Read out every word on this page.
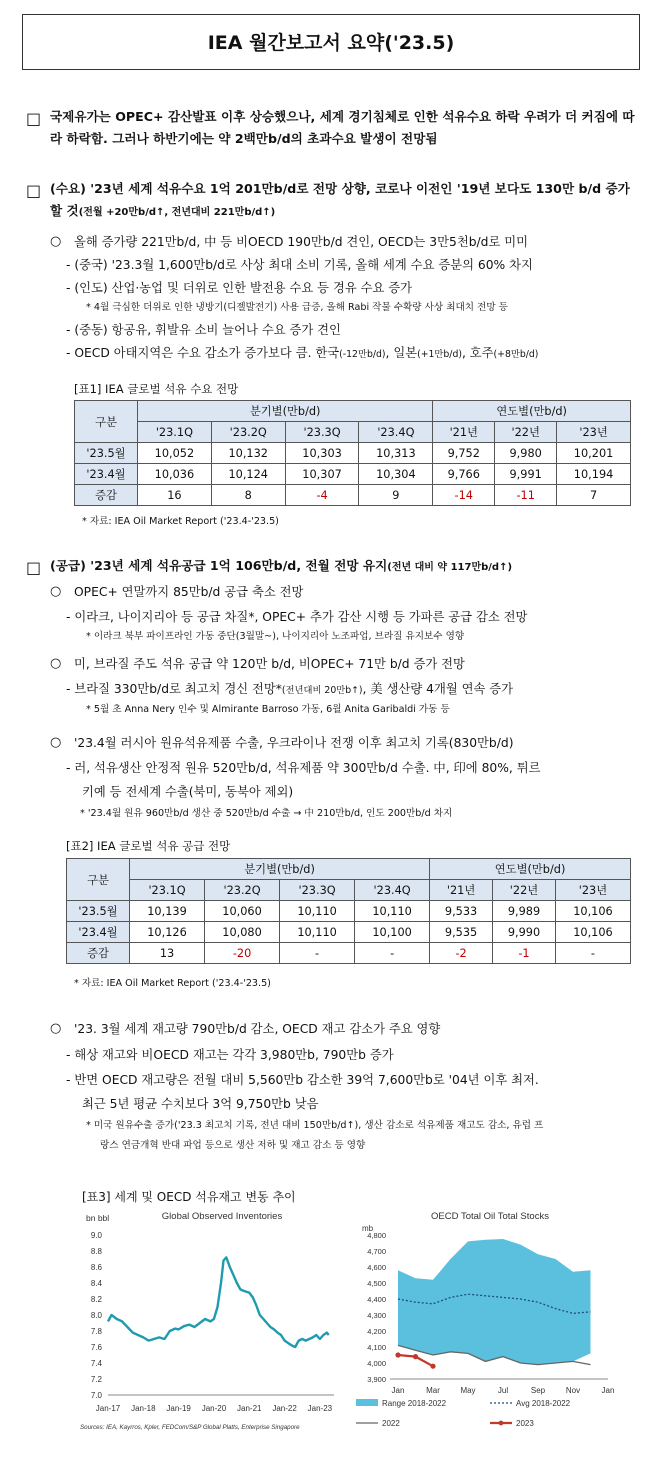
IEA 월간보고서 요약('23.5)
□ 국제유가는 OPEC+ 감산발표 이후 상승했으나, 세계 경기침체로 인한 석유수요 하락 우려가 더 커짐에 따라 하락함. 그러나 하반기에는 약 2백만b/d의 초과수요 발생이 전망됨
□ (수요) '23년 세계 석유수요 1억 201만b/d로 전망 상향, 코로나 이전인 '19년 보다도 130만 b/d 증가할 것(전월 +20만b/d↑, 전년대비 221만b/d↑)
○ 올해 증가량 221만b/d, 中 등 비OECD 190만b/d 견인, OECD는 3만5천b/d로 미미
- (중국) '23.3월 1,600만b/d로 사상 최대 소비 기록, 올해 세계 수요 증분의 60% 차지
- (인도) 산업·농업 및 더위로 인한 발전용 수요 등 경유 수요 증가
* 4월 극심한 더위로 인한 냉방기(디젤발전기) 사용 급증, 올해 Rabi 작물 수확량 사상 최대치 전망 등
- (중동) 항공유, 휘발유 소비 늘어나 수요 증가 견인
- OECD 아태지역은 수요 감소가 증가보다 큼. 한국(-12만b/d), 일본(+1만b/d), 호주(+8만b/d)
[표1] IEA 글로벌 석유 수요 전망
구분	분기별(만b/d)				연도별(만b/d)		
	'23.1Q	'23.2Q	'23.3Q	'23.4Q	'21년	'22년	'23년
'23.5월	10,052	10,132	10,303	10,313	9,752	9,980	10,201
'23.4월	10,036	10,124	10,307	10,304	9,766	9,991	10,194
증감	16	8	-4	9	-14	-11	7
* 자료: IEA Oil Market Report ('23.4-'23.5)
□ (공급) '23년 세계 석유공급 1억 106만b/d, 전월 전망 유지(전년 대비 약 117만b/d↑)
○ OPEC+ 연말까지 85만b/d 공급 축소 전망
- 이라크, 나이지리아 등 공급 차질*, OPEC+ 추가 감산 시행 등 가파른 공급 감소 전망
* 이라크 북부 파이프라인 가동 중단(3월말~), 나이지리아 노조파업, 브라질 유지보수 영향
○ 미, 브라질 주도 석유 공급 약 120만 b/d, 비OPEC+ 71만 b/d 증가 전망
- 브라질 330만b/d로 최고치 경신 전망*(전년대비 20만b↑), 美 생산량 4개월 연속 증가
* 5월 초 Anna Nery 인수 및 Almirante Barroso 가동, 6월 Anita Garibaldi 가동 등
○ '23.4월 러시아 원유석유제품 수출, 우크라이나 전쟁 이후 최고치 기록(830만b/d)
- 러, 석유생산 안정적 원유 520만b/d, 석유제품 약 300만b/d 수출. 中, 印에 80%, 튀르
키예 등 전세계 수출(북미, 동북아 제외)
* '23.4월 원유 960만b/d 생산 중 520만b/d 수출 → 中 210만b/d, 인도 200만b/d 차지
[표2] IEA 글로벌 석유 공급 전망
구분	분기별(만b/d)				연도별(만b/d)		
	'23.1Q	'23.2Q	'23.3Q	'23.4Q	'21년	'22년	'23년
'23.5월	10,139	10,060	10,110	10,110	9,533	9,989	10,106
'23.4월	10,126	10,080	10,110	10,100	9,535	9,990	10,106
증감	13	-20	-	-	-2	-1	-
* 자료: IEA Oil Market Report ('23.4-'23.5)
○ '23. 3월 세계 재고량 790만b/d 감소, OECD 재고 감소가 주요 영향
- 해상 재고와 비OECD 재고는 각각 3,980만b, 790만b 증가
- 반면 OECD 재고량은 전월 대비 5,560만b 감소한 39억 7,600만b로 '04년 이후 최저.
최근 5년 평균 수치보다 3억 9,750만b 낮음
* 미국 원유수출 증가('23.3 최고치 기록, 전년 대비 150만b/d↑), 생산 감소로 석유제품 재고도 감소, 유럽 프
랑스 연금개혁 반대 파업 등으로 생산 저하 및 재고 감소 등 영향
[표3] 세계 및 OECD 석유재고 변동 추이
bn bbl	Global Observed Inventories
9.0
8.8
8.6
8.4
8.2
8.0
7.8
7.6
7.4
7.2
7.0
Jan-17 Jan-18 Jan-19 Jan-20 Jan-21 Jan-22 Jan-23
Sources: IEA, Kayrros, Kpler, FEDCom/S&P Global Platts, Enterprise Singapore
OECD Total Oil Total Stocks
mb
4,800
4,700
4,600
4,500
4,400
4,300
4,200
4,100
4,000
3,900
Jan	Mar	May	Jul	Sep	Nov	Jan
Range 2018-2022	Avg 2018-2022
2022	2023
